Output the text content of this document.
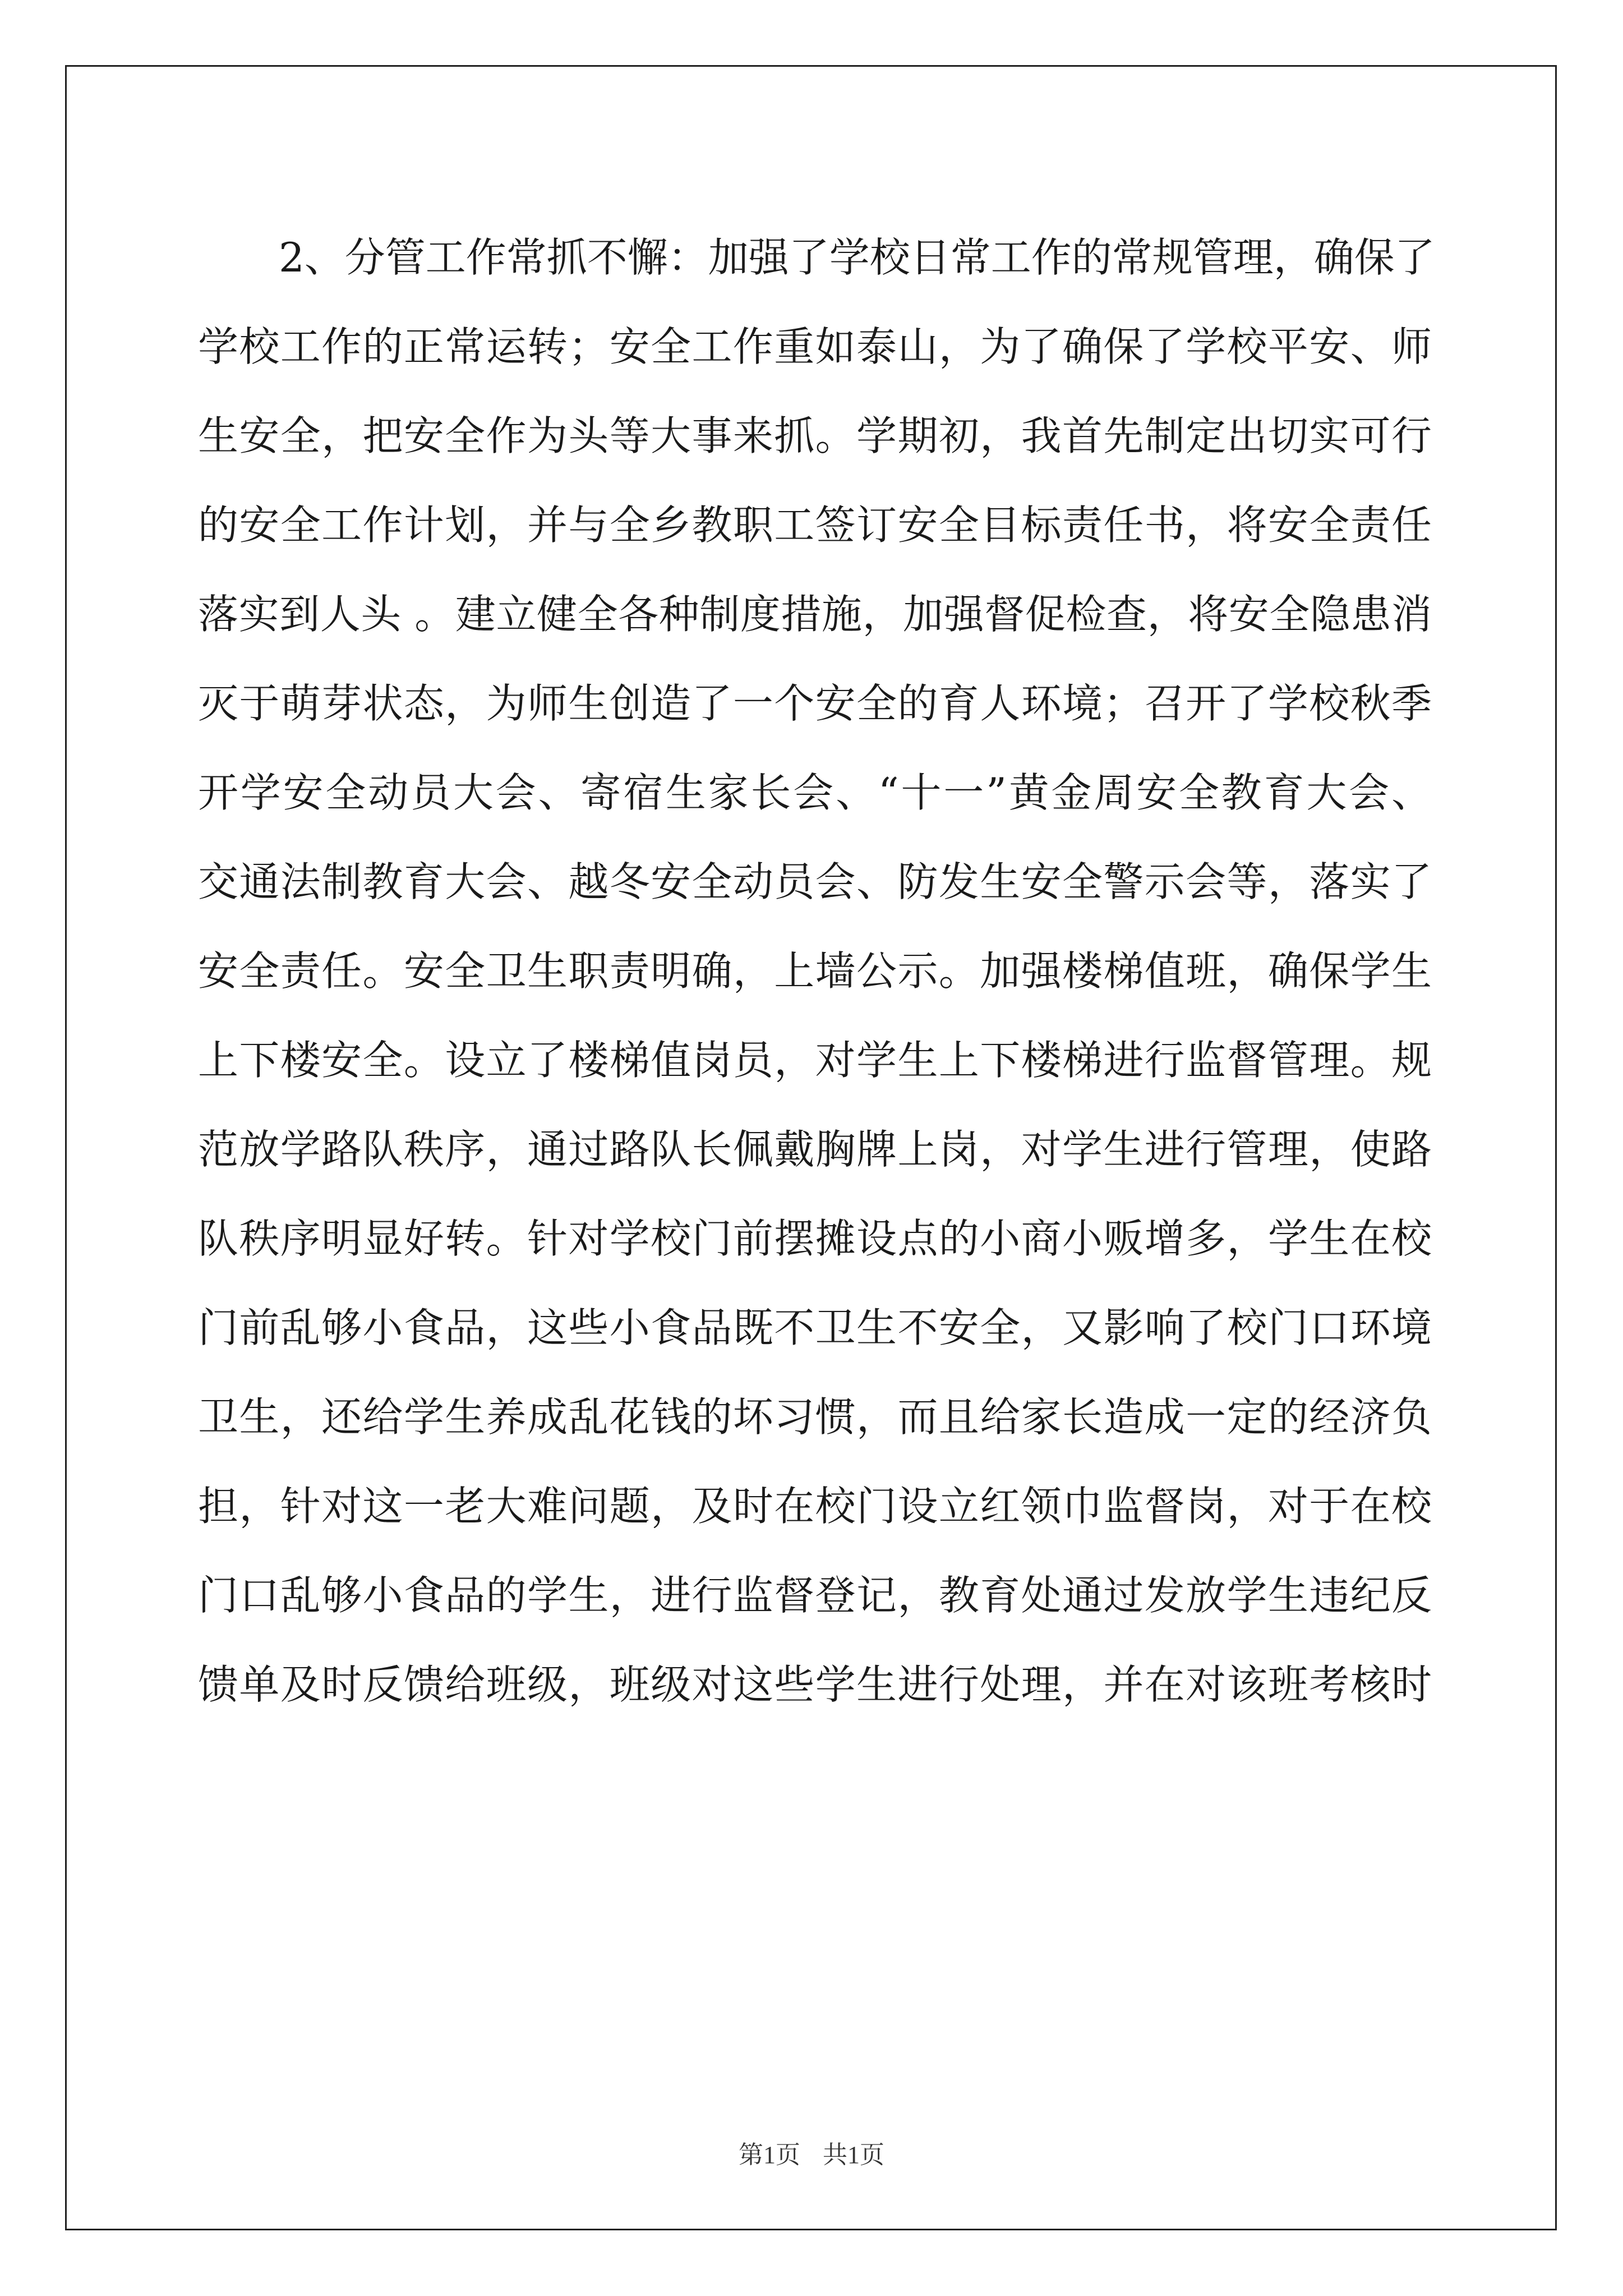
2、分管工作常抓不懈：加强了学校日常工作的常规管理，确保了
学校工作的正常运转；安全工作重如泰山，为了确保了学校平安、师
生安全，把安全作为头等大事来抓。学期初，我首先制定出切实可行
的安全工作计划，并与全乡教职工签订安全目标责任书，将安全责任
落实到人头 。建立健全各种制度措施，加强督促检查，将安全隐患消
灭于萌芽状态，为师生创造了一个安全的育人环境；召开了学校秋季
开学安全动员大会、寄宿生家长会、“十一”黄金周安全教育大会、
交通法制教育大会、越冬安全动员会、防发生安全警示会等，落实了
安全责任。安全卫生职责明确，上墙公示。加强楼梯值班，确保学生
上下楼安全。设立了楼梯值岗员，对学生上下楼梯进行监督管理。规
范放学路队秩序，通过路队长佩戴胸牌上岗，对学生进行管理，使路
队秩序明显好转。针对学校门前摆摊设点的小商小贩增多，学生在校
门前乱够小食品，这些小食品既不卫生不安全，又影响了校门口环境
卫生，还给学生养成乱花钱的坏习惯，而且给家长造成一定的经济负
担，针对这一老大难问题，及时在校门设立红领巾监督岗，对于在校
门口乱够小食品的学生，进行监督登记，教育处通过发放学生违纪反
馈单及时反馈给班级，班级对这些学生进行处理，并在对该班考核时
第1页 共1页
